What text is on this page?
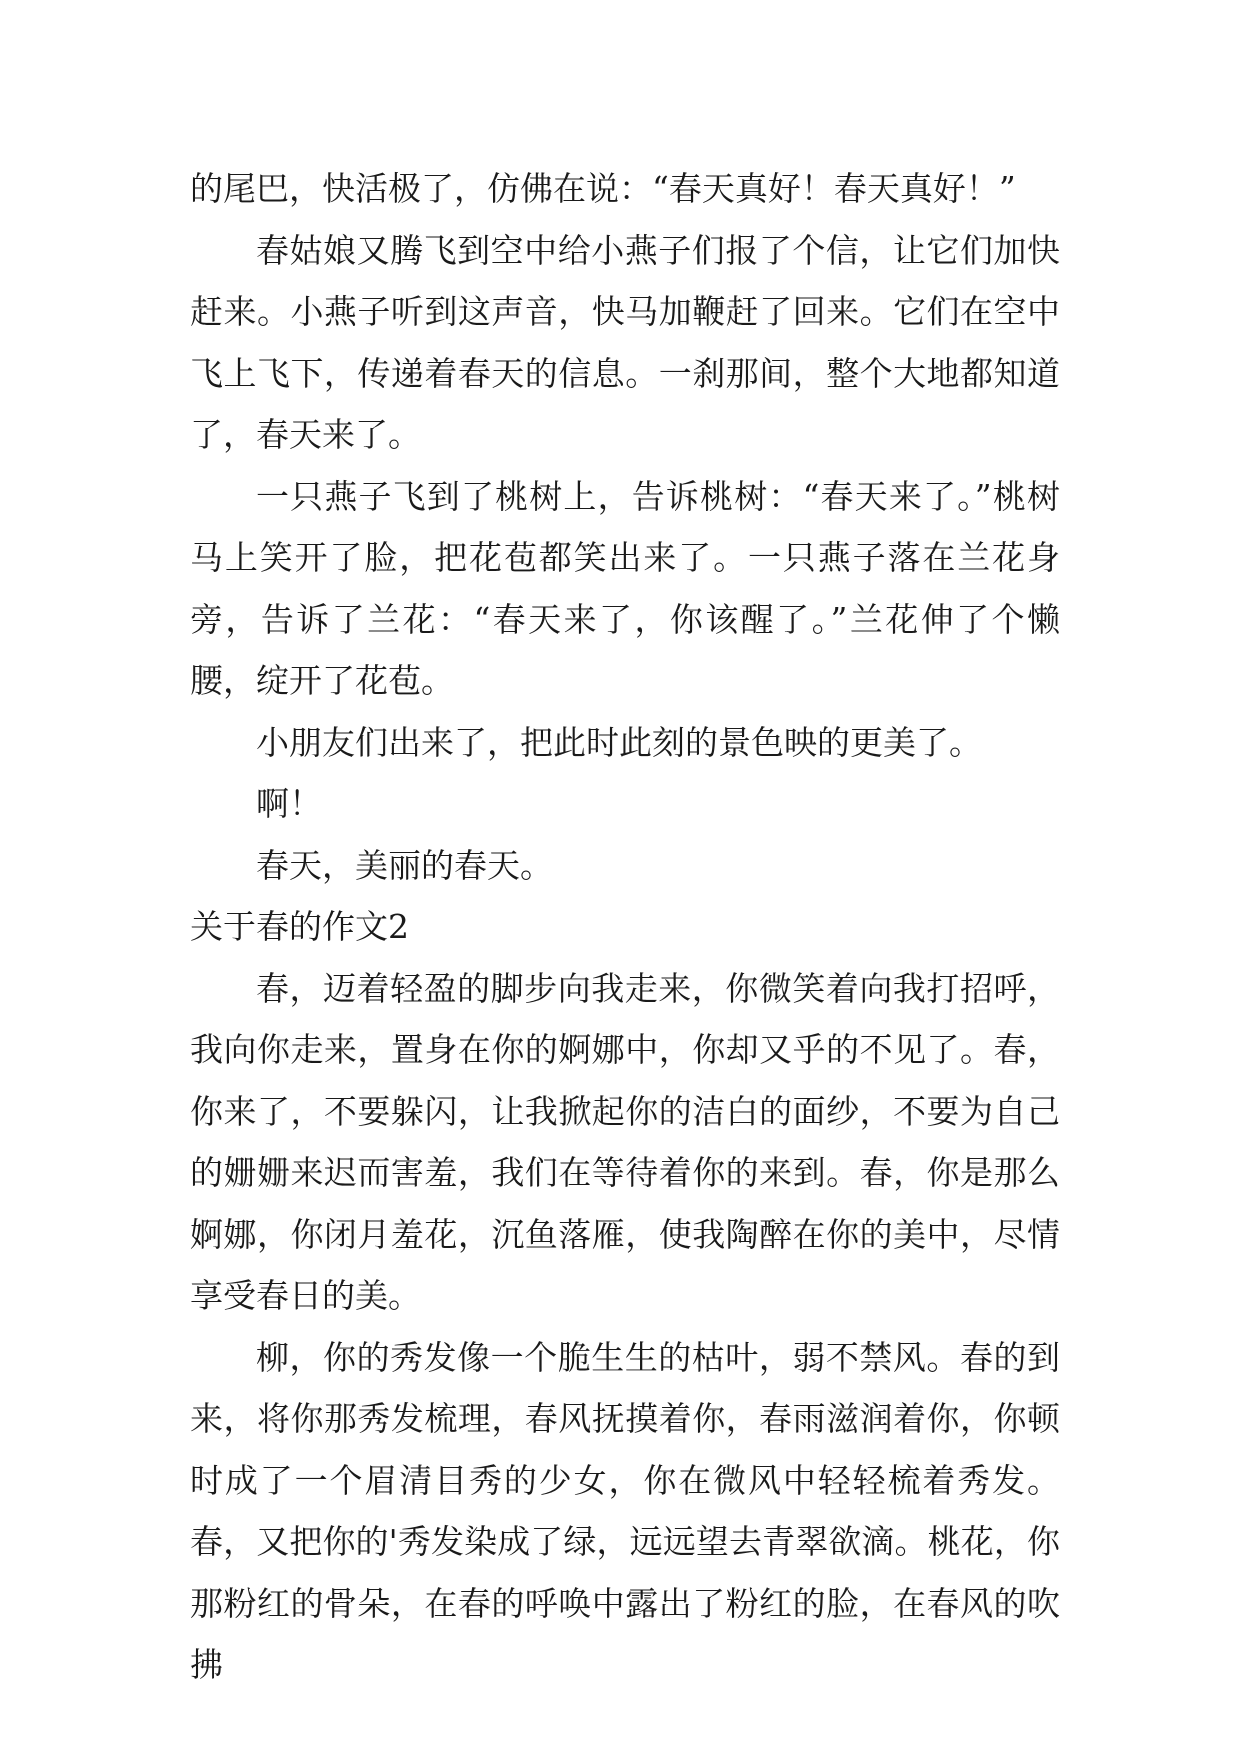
的尾巴，快活极了，仿佛在说：“春天真好！春天真好！”

春姑娘又腾飞到空中给小燕子们报了个信，让它们加快赶来。小燕子听到这声音，快马加鞭赶了回来。它们在空中飞上飞下，传递着春天的信息。一刹那间，整个大地都知道了，春天来了。

一只燕子飞到了桃树上，告诉桃树：“春天来了。”桃树马上笑开了脸，把花苞都笑出来了。一只燕子落在兰花身旁，告诉了兰花：“春天来了，你该醒了。”兰花伸了个懒腰，绽开了花苞。

小朋友们出来了，把此时此刻的景色映的更美了。

啊！

春天，美丽的春天。

关于春的作文2

春，迈着轻盈的脚步向我走来，你微笑着向我打招呼，我向你走来，置身在你的婀娜中，你却又乎的不见了。春，你来了，不要躲闪，让我掀起你的洁白的面纱，不要为自己的姗姗来迟而害羞，我们在等待着你的来到。春，你是那么婀娜，你闭月羞花，沉鱼落雁，使我陶醉在你的美中，尽情享受春日的美。

柳，你的秀发像一个脆生生的枯叶，弱不禁风。春的到来，将你那秀发梳理，春风抚摸着你，春雨滋润着你，你顿时成了一个眉清目秀的少女，你在微风中轻轻梳着秀发。春，又把你的'秀发染成了绿，远远望去青翠欲滴。桃花，你那粉红的骨朵，在春的呼唤中露出了粉红的脸，在春风的吹拂
